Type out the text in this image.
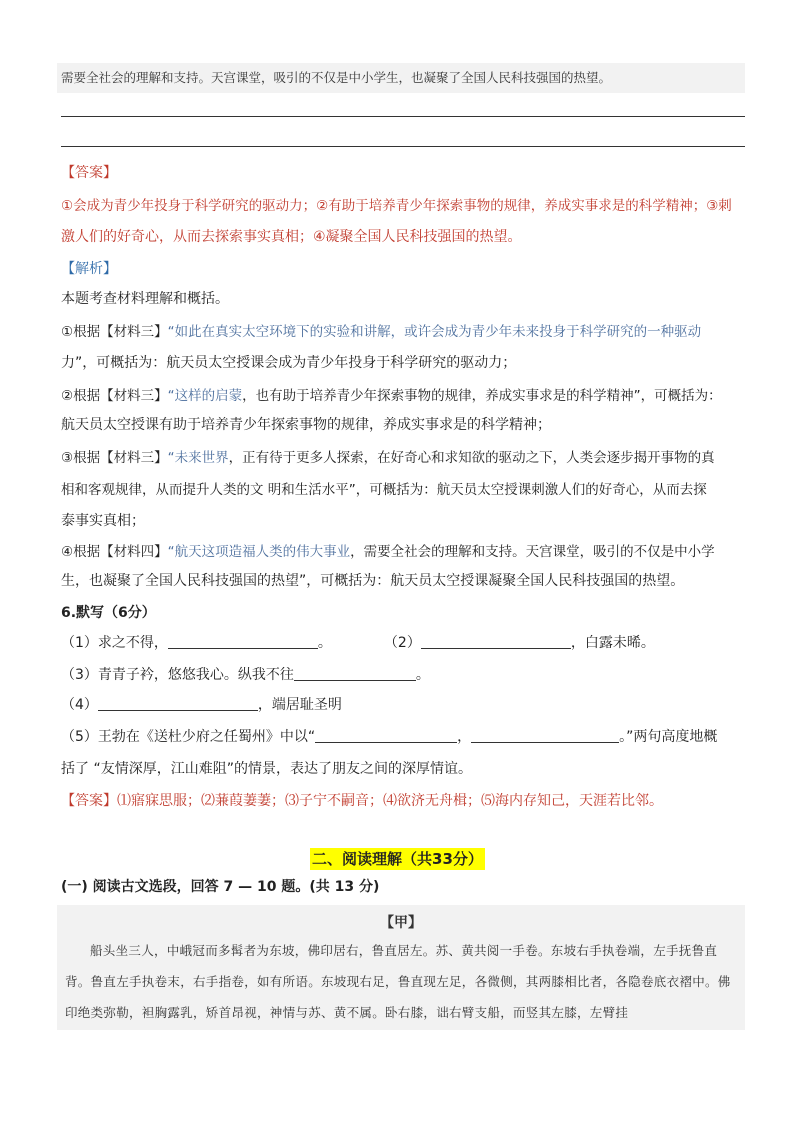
需要全社会的理解和支持。天宫课堂，吸引的不仅是中小学生，也凝聚了全国人民科技强国的热望。
【答案】
①会成为青少年投身于科学研究的驱动力；②有助于培养青少年探索事物的规律，养成实事求是的科学精神；③刺
激人们的好奇心，从而去探索事实真相；④凝聚全国人民科技强国的热望。
【解析】
本题考查材料理解和概括。
①根据【材料三】“如此在真实太空环境下的实验和讲解，或许会成为青少年未来投身于科学研究的一种驱动
力”，可概括为：航天员太空授课会成为青少年投身于科学研究的驱动力；
②根据【材料三】“这样的启蒙，也有助于培养青少年探索事物的规律，养成实事求是的科学精神”，可概括为：
航天员太空授课有助于培养青少年探索事物的规律，养成实事求是的科学精神；
③根据【材料三】“未来世界，正有待于更多人探索，在好奇心和求知欲的驱动之下，人类会逐步揭开事物的真
相和客观规律，从而提升人类的文 明和生活水平”，可概括为：航天员太空授课刺激人们的好奇心，从而去探
泰事实真相；
④根据【材料四】“航天这项造福人类的伟大事业，需要全社会的理解和支持。天宫课堂，吸引的不仅是中小学
生，也凝聚了全国人民科技强国的热望”，可概括为：航天员太空授课凝聚全国人民科技强国的热望。
6.默写（6分）
（1）求之不得，	。	（2）	，白露未晞。
（3）青青子衿，悠悠我心。纵我不往	。
（4）	，端居耻圣明
（5）王勃在《送杜少府之任蜀州》中以“	，	。”两句高度地概
括了 “友情深厚，江山难阻”的情景，表达了朋友之间的深厚情谊。
【答案】⑴寤寐思服；⑵蒹葭萋萋；⑶子宁不嗣音；⑷欲济无舟楫；⑸海内存知己，天涯若比邻。
二、阅读理解（共33分）
(一) 阅读古文选段，回答 7 — 10 题。(共 13 分)
【甲】
船头坐三人，中峨冠而多髯者为东坡，佛印居右，鲁直居左。苏、黄共阅一手卷。东坡右手执卷端，左手抚鲁直背。鲁直左手执卷末，右手指卷，如有所语。东坡现右足，鲁直现左足，各微侧，其两膝相比者，各隐卷底衣褶中。佛印绝类弥勒，袒胸露乳，矫首昂视，神情与苏、黄不属。卧右膝，诎右臂支船，而竖其左膝，左臂挂
